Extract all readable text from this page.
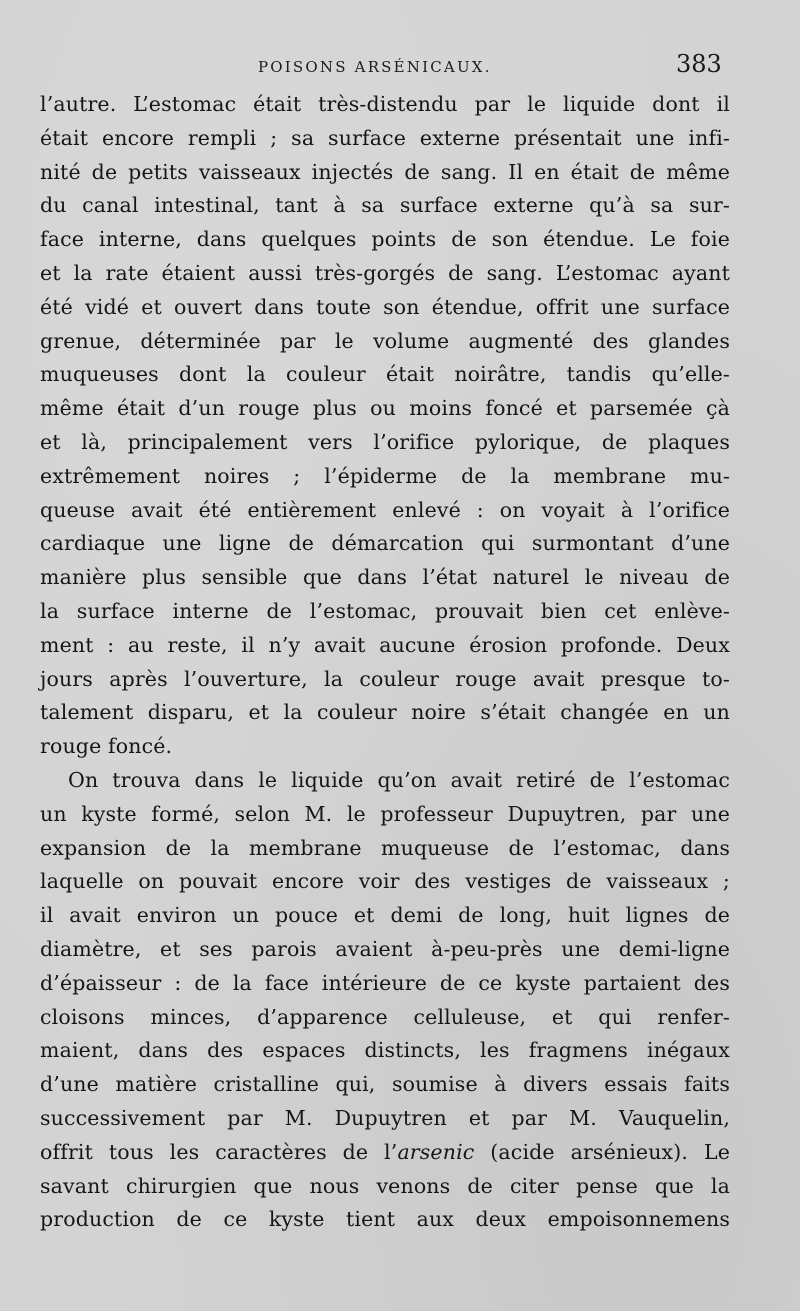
POISONS ARSÉNICAUX.	383
l’autre. L’estomac était très-distendu par le liquide dont il
était encore rempli ; sa surface externe présentait une infi-
nité de petits vaisseaux injectés de sang. Il en était de même
du canal intestinal, tant à sa surface externe qu’à sa sur-
face interne, dans quelques points de son étendue. Le foie
et la rate étaient aussi très-gorgés de sang. L’estomac ayant
été vidé et ouvert dans toute son étendue, offrit une surface
grenue, déterminée par le volume augmenté des glandes
muqueuses dont la couleur était noirâtre, tandis qu’elle-
même était d’un rouge plus ou moins foncé et parsemée çà
et là, principalement vers l’orifice pylorique, de plaques
extrêmement noires ; l’épiderme de la membrane mu-
queuse avait été entièrement enlevé : on voyait à l’orifice
cardiaque une ligne de démarcation qui surmontant d’une
manière plus sensible que dans l’état naturel le niveau de
la surface interne de l’estomac, prouvait bien cet enlève-
ment : au reste, il n’y avait aucune érosion profonde. Deux
jours après l’ouverture, la couleur rouge avait presque to-
talement disparu, et la couleur noire s’était changée en un
rouge foncé.
On trouva dans le liquide qu’on avait retiré de l’estomac
un kyste formé, selon M. le professeur Dupuytren, par une
expansion de la membrane muqueuse de l’estomac, dans
laquelle on pouvait encore voir des vestiges de vaisseaux ;
il avait environ un pouce et demi de long, huit lignes de
diamètre, et ses parois avaient à-peu-près une demi-ligne
d’épaisseur : de la face intérieure de ce kyste partaient des
cloisons minces, d’apparence celluleuse, et qui renfer-
maient, dans des espaces distincts, les fragmens inégaux
d’une matière cristalline qui, soumise à divers essais faits
successivement par M. Dupuytren et par M. Vauquelin,
offrit tous les caractères de l’arsenic (acide arsénieux). Le
savant chirurgien que nous venons de citer pense que la
production de ce kyste tient aux deux empoisonnemens
